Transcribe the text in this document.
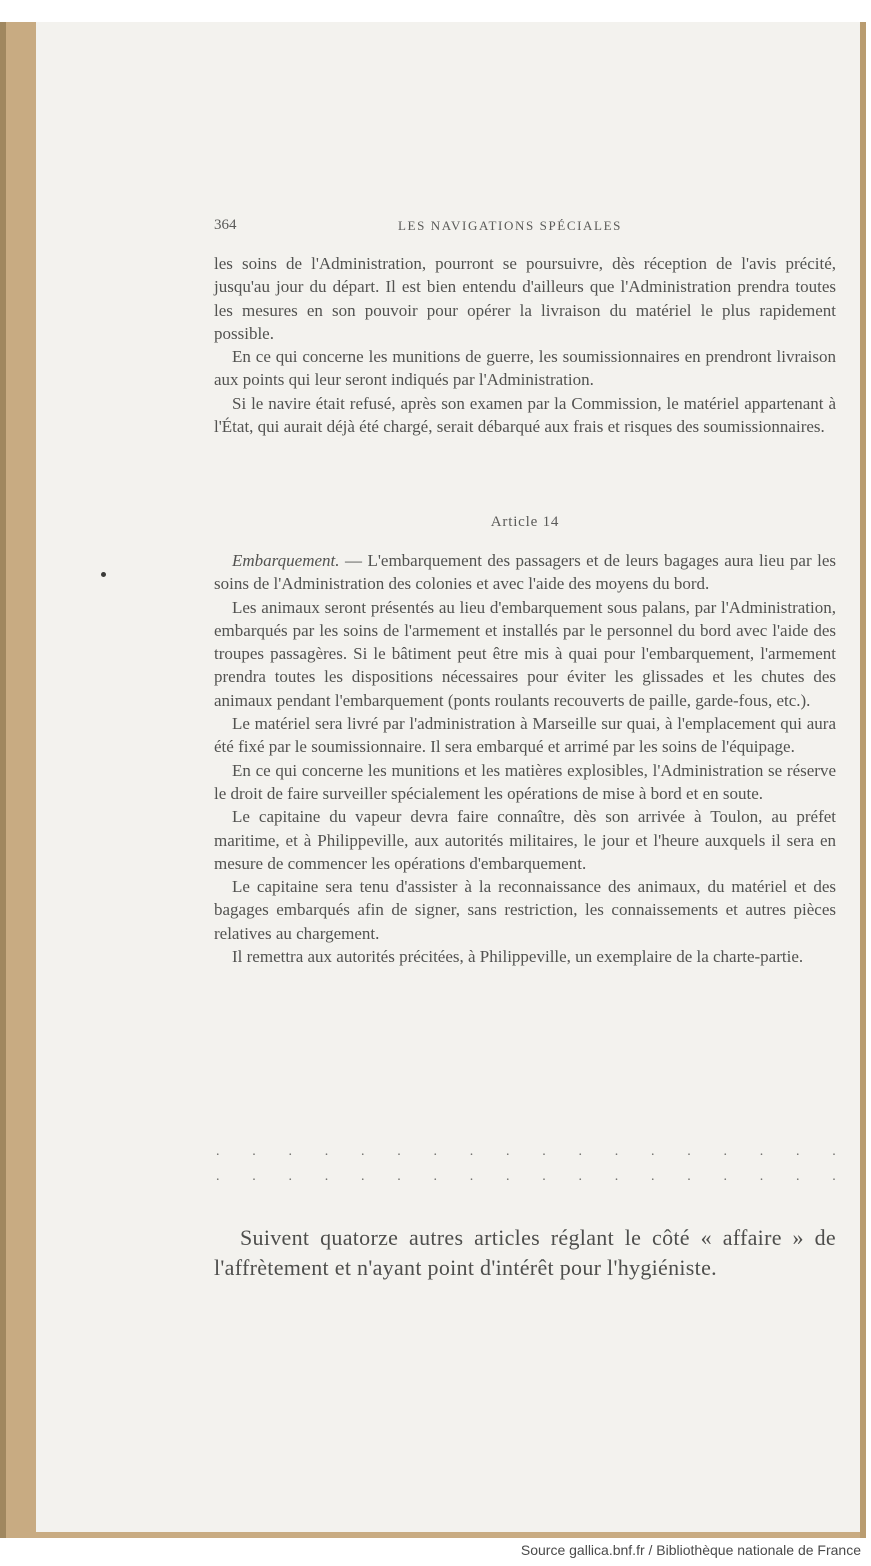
364	LES NAVIGATIONS SPÉCIALES

les soins de l'Administration, pourront se poursuivre, dès réception de l'avis précité, jusqu'au jour du départ. Il est bien entendu d'ailleurs que l'Administration prendra toutes les mesures en son pouvoir pour opérer la livraison du matériel le plus rapidement possible.

En ce qui concerne les munitions de guerre, les soumissionnaires en prendront livraison aux points qui leur seront indiqués par l'Administration.

Si le navire était refusé, après son examen par la Commission, le matériel appartenant à l'État, qui aurait déjà été chargé, serait débarqué aux frais et risques des soumissionnaires.

Article 14

Embarquement. — L'embarquement des passagers et de leurs bagages aura lieu par les soins de l'Administration des colonies et avec l'aide des moyens du bord.

Les animaux seront présentés au lieu d'embarquement sous palans, par l'Administration, embarqués par les soins de l'armement et installés par le personnel du bord avec l'aide des troupes passagères. Si le bâtiment peut être mis à quai pour l'embarquement, l'armement prendra toutes les dispositions nécessaires pour éviter les glissades et les chutes des animaux pendant l'embarquement (ponts roulants recouverts de paille, garde-fous, etc.).

Le matériel sera livré par l'administration à Marseille sur quai, à l'emplacement qui aura été fixé par le soumissionnaire. Il sera embarqué et arrimé par les soins de l'équipage.

En ce qui concerne les munitions et les matières explosibles, l'Administration se réserve le droit de faire surveiller spécialement les opérations de mise à bord et en soute.

Le capitaine du vapeur devra faire connaître, dès son arrivée à Toulon, au préfet maritime, et à Philippeville, aux autorités militaires, le jour et l'heure auxquels il sera en mesure de commencer les opérations d'embarquement.

Le capitaine sera tenu d'assister à la reconnaissance des animaux, du matériel et des bagages embarqués afin de signer, sans restriction, les connaissements et autres pièces relatives au chargement.

Il remettra aux autorités précitées, à Philippeville, un exemplaire de la charte-partie.

. . . . . . . . . . . . . . . . . .
. . . . . . . . . . . . . . . . . .

Suivent quatorze autres articles réglant le côté « affaire » de l'affrètement et n'ayant point d'intérêt pour l'hygiéniste.

Source gallica.bnf.fr / Bibliothèque nationale de France
